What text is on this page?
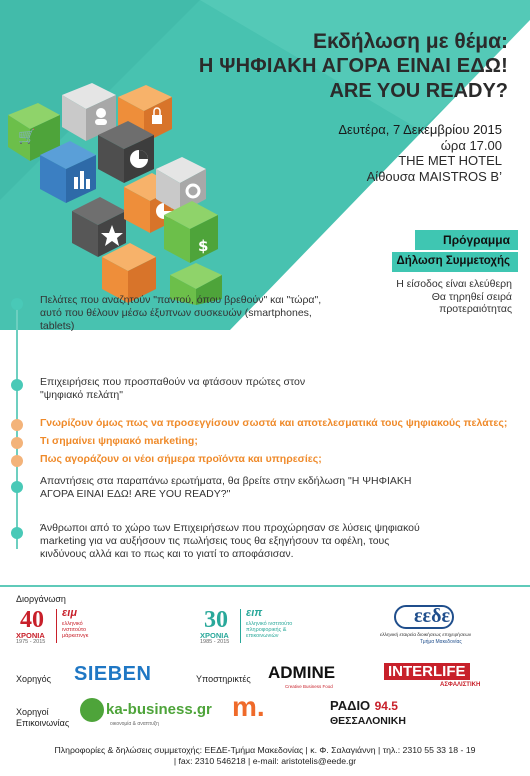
🛒
$
Εκδήλωση με θέμα:
Η ΨΗΦΙΑΚΗ ΑΓΟΡΑ ΕΙΝΑΙ ΕΔΩ!
ARE YOU READY?
Δευτέρα, 7 Δεκεμβρίου 2015
ώρα 17.00
THE MET HOTEL
Αίθουσα MAISTROS B’
Πρόγραμμα
Δήλωση Συμμετοχής
Η είσοδος είναι ελεύθερη
Θα τηρηθεί σειρά
προτεραιότητας
Πελάτες που αναζητούν "παντού, όπου βρεθούν" και "τώρα",
αυτό που θέλουν μέσω έξυπνων συσκευών (smartphones,
tablets)
Επιχειρήσεις που προσπαθούν να φτάσουν πρώτες στον
"ψηφιακό πελάτη"
Γνωρίζουν όμως πως να προσεγγίσουν σωστά και αποτελεσματικά τους ψηφιακούς πελάτες;
Τι σημαίνει ψηφιακό marketing;
Πως αγοράζουν οι νέοι σήμερα προϊόντα και υπηρεσίες;
Απαντήσεις στα παραπάνω ερωτήματα, θα βρείτε στην εκδήλωση "Η ΨΗΦΙΑΚΗ
ΑΓΟΡΑ ΕΙΝΑΙ ΕΔΩ! ARE YOU READY?"
Άνθρωποι από το χώρο των Επιχειρήσεων που προχώρησαν σε λύσεις ψηφιακού
marketing για να αυξήσουν τις πωλήσεις τους θα εξηγήσουν τα οφέλη, τους
κινδύνους αλλά και το πως και το γιατί το αποφάσισαν.
Διοργάνωση
40
ΧΡΟΝΙΑ
1975 - 2015
ειμ
ελληνικό
ινστιτούτο
μάρκετινγκ
30
ΧΡΟΝΙΑ
1985 - 2015
ειπ
ελληνικό ινστιτούτο
πληροφορικής &
επικοινωνιών
εεδε
ελληνική εταιρεία διοικήσεως επιχειρήσεων
Τμήμα Μακεδονίας
Χορηγός SIEBEN	Υποστηρικτές ADMINE
Creative Business Food
INTERLIFE
ΑΣΦΑΛΙΣΤΙΚΗ
Χορηγοί
Επικοινωνίας
ka-business.gr
οικονομία & αναπτυξη
m.	ΡΑΔΙΟ 94.5
ΘΕΣΣΑΛΟΝΙΚΗ
Πληροφορίες & δηλώσεις συμμετοχής: ΕΕΔΕ-Τμήμα Μακεδονίας | κ. Φ. Σαλαγιάννη | τηλ.: 2310 55 33 18 - 19
| fax: 2310 546218 | e-mail: aristotelis@eede.gr
